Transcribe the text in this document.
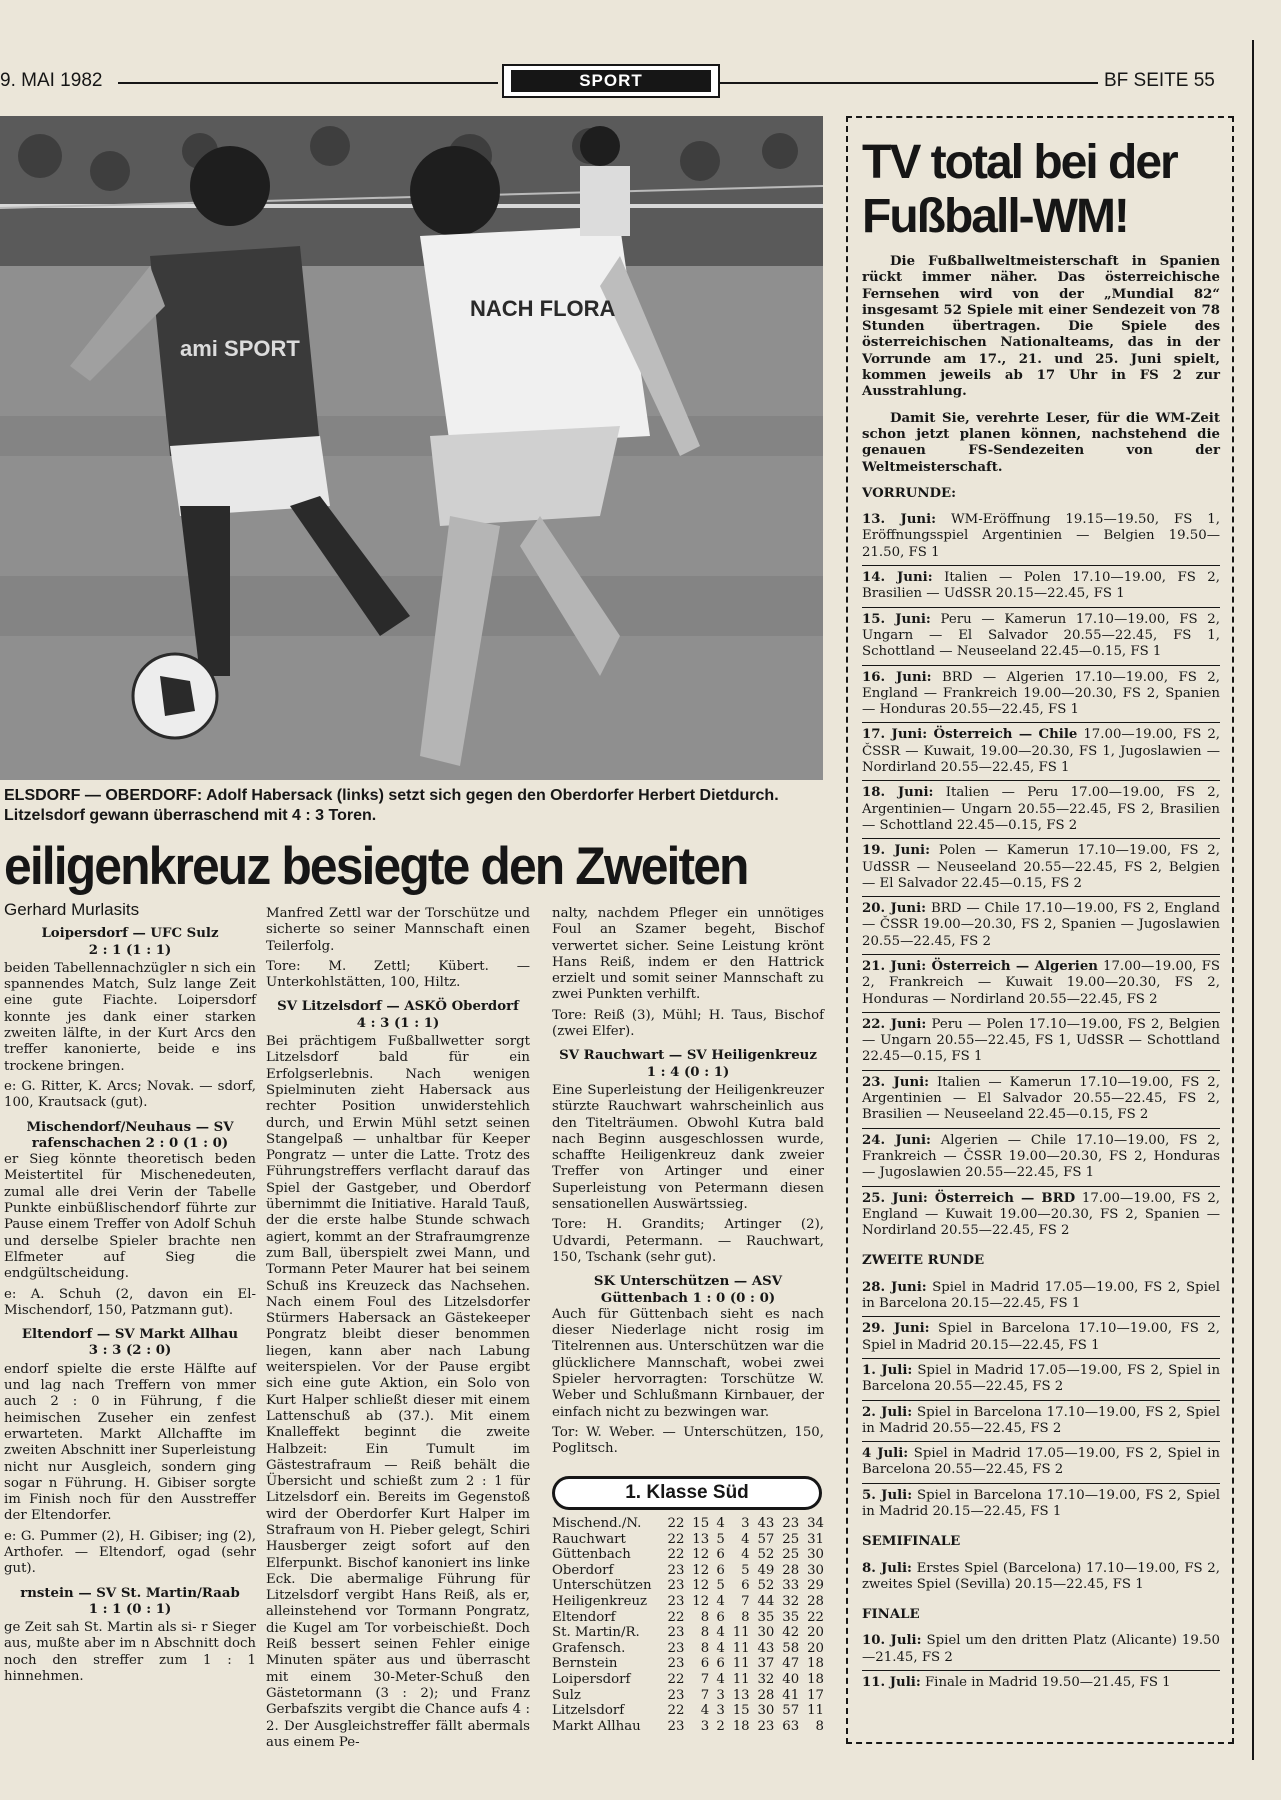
9. MAI 1982	SPORT	BF SEITE 55
ami SPORT
NACH FLORA
ELSDORF — OBERDORF: Adolf Habersack (links) setzt sich gegen den Oberdorfer Herbert Dietdurch. Litzelsdorf gewann überraschend mit 4 : 3 Toren.
eiligenkreuz besiegte den Zweiten
Gerhard Murlasits

Loipersdorf — UFC Sulz

2 : 1 (1 : 1)

beiden Tabellennachzügler n sich ein spannendes Match, Sulz lange Zeit eine gute Fiachte. Loipersdorf konnte jes dank einer starken zweiten lälfte, in der Kurt Arcs den treffer kanonierte, beide e ins trockene bringen.

e: G. Ritter, K. Arcs; Novak. — sdorf, 100, Krautsack (gut).

Mischendorf/Neuhaus — SV rafenschachen 2 : 0 (1 : 0)

er Sieg könnte theoretisch beden Meistertitel für Mischenedeuten, zumal alle drei Verin der Tabelle Punkte einbüßlischendorf führte zur Pause einem Treffer von Adolf Schuh und derselbe Spieler brachte nen Elfmeter auf Sieg die endgültscheidung.

e: A. Schuh (2, davon ein El- Mischendorf, 150, Patzmann gut).

Eltendorf — SV Markt Allhau

3 : 3 (2 : 0)

endorf spielte die erste Hälfte auf und lag nach Treffern von mmer auch 2 : 0 in Führung, f die heimischen Zuseher ein zenfest erwarteten. Markt Allchaffte im zweiten Abschnitt iner Superleistung nicht nur Ausgleich, sondern ging sogar n Führung. H. Gibiser sorgte im Finish noch für den Ausstreffer der Eltendorfer.

e: G. Pummer (2), H. Gibiser; ing (2), Arthofer. — Eltendorf, ogad (sehr gut).

rnstein — SV St. Martin/Raab

1 : 1 (0 : 1)

ge Zeit sah St. Martin als si- r Sieger aus, mußte aber im n Abschnitt doch noch den streffer zum 1 : 1 hinnehmen.

Manfred Zettl war der Torschütze und sicherte so seiner Mannschaft einen Teilerfolg.

Tore: M. Zettl; Kübert. — Unterkohlstätten, 100, Hiltz.

SV Litzelsdorf — ASKÖ Oberdorf

4 : 3 (1 : 1)

Bei prächtigem Fußballwetter sorgt Litzelsdorf bald für ein Erfolgserlebnis. Nach wenigen Spielminuten zieht Habersack aus rechter Position unwiderstehlich durch, und Erwin Mühl setzt seinen Stangelpaß — unhaltbar für Keeper Pongratz — unter die Latte. Trotz des Führungstreffers verflacht darauf das Spiel der Gastgeber, und Oberdorf übernimmt die Initiative. Harald Tauß, der die erste halbe Stunde schwach agiert, kommt an der Strafraumgrenze zum Ball, überspielt zwei Mann, und Tormann Peter Maurer hat bei seinem Schuß ins Kreuzeck das Nachsehen. Nach einem Foul des Litzelsdorfer Stürmers Habersack an Gästekeeper Pongratz bleibt dieser benommen liegen, kann aber nach Labung weiterspielen. Vor der Pause ergibt sich eine gute Aktion, ein Solo von Kurt Halper schließt dieser mit einem Lattenschuß ab (37.). Mit einem Knalleffekt beginnt die zweite Halbzeit: Ein Tumult im Gästestrafraum — Reiß behält die Übersicht und schießt zum 2 : 1 für Litzelsdorf ein. Bereits im Gegenstoß wird der Oberdorfer Kurt Halper im Strafraum von H. Pieber gelegt, Schiri Hausberger zeigt sofort auf den Elferpunkt. Bischof kanoniert ins linke Eck. Die abermalige Führung für Litzelsdorf vergibt Hans Reiß, als er, alleinstehend vor Tormann Pongratz, die Kugel am Tor vorbeischießt. Doch Reiß bessert seinen Fehler einige Minuten später aus und überrascht mit einem 30-Meter-Schuß den Gästetormann (3 : 2); und Franz Gerbafszits vergibt die Chance aufs 4 : 2. Der Ausgleichstreffer fällt abermals aus einem Pe-

nalty, nachdem Pfleger ein unnötiges Foul an Szamer begeht, Bischof verwertet sicher. Seine Leistung krönt Hans Reiß, indem er den Hattrick erzielt und somit seiner Mannschaft zu zwei Punkten verhilft.

Tore: Reiß (3), Mühl; H. Taus, Bischof (zwei Elfer).

SV Rauchwart — SV Heiligenkreuz

1 : 4 (0 : 1)

Eine Superleistung der Heiligenkreuzer stürzte Rauchwart wahrscheinlich aus den Titelträumen. Obwohl Kutra bald nach Beginn ausgeschlossen wurde, schaffte Heiligenkreuz dank zweier Treffer von Artinger und einer Superleistung von Petermann diesen sensationellen Auswärtssieg.

Tore: H. Grandits; Artinger (2), Udvardi, Petermann. — Rauchwart, 150, Tschank (sehr gut).

SK Unterschützen — ASV Güttenbach 1 : 0 (0 : 0)

Auch für Güttenbach sieht es nach dieser Niederlage nicht rosig im Titelrennen aus. Unterschützen war die glücklichere Mannschaft, wobei zwei Spieler hervorragten: Torschütze W. Weber und Schlußmann Kirnbauer, der einfach nicht zu bezwingen war.

Tor: W. Weber. — Unterschützen, 150, Poglitsch.

1. Klasse Süd
Mischend./N.	22	15	4	3	43	23	34
Rauchwart	22	13	5	4	57	25	31
Güttenbach	22	12	6	4	52	25	30
Oberdorf	23	12	6	5	49	28	30
Unterschützen	23	12	5	6	52	33	29
Heiligenkreuz	23	12	4	7	44	32	28
Eltendorf	22	8	6	8	35	35	22
St. Martin/R.	23	8	4	11	30	42	20
Grafensch.	23	8	4	11	43	58	20
Bernstein	23	6	6	11	37	47	18
Loipersdorf	22	7	4	11	32	40	18
Sulz	23	7	3	13	28	41	17
Litzelsdorf	22	4	3	15	30	57	11
Markt Allhau	23	3	2	18	23	63	8
TV total bei der Fußball-WM!

Die Fußballweltmeisterschaft in Spanien rückt immer näher. Das österreichische Fernsehen wird von der „Mundial 82“ insgesamt 52 Spiele mit einer Sendezeit von 78 Stunden übertragen. Die Spiele des österreichischen Nationalteams, das in der Vorrunde am 17., 21. und 25. Juni spielt, kommen jeweils ab 17 Uhr in FS 2 zur Ausstrahlung.

Damit Sie, verehrte Leser, für die WM-Zeit schon jetzt planen können, nachstehend die genauen FS-Sendezeiten von der Weltmeisterschaft.

VORRUNDE:

13. Juni: WM-Eröffnung 19.15—19.50, FS 1, Eröffnungsspiel Argentinien — Belgien 19.50—21.50, FS 1

14. Juni: Italien — Polen 17.10—19.00, FS 2, Brasilien — UdSSR 20.15—22.45, FS 1

15. Juni: Peru — Kamerun 17.10—19.00, FS 2, Ungarn — El Salvador 20.55—22.45, FS 1, Schottland — Neuseeland 22.45—0.15, FS 1

16. Juni: BRD — Algerien 17.10—19.00, FS 2, England — Frankreich 19.00—20.30, FS 2, Spanien — Honduras 20.55—22.45, FS 1

17. Juni: Österreich — Chile 17.00—19.00, FS 2, ČSSR — Kuwait, 19.00—20.30, FS 1, Jugoslawien — Nordirland 20.55—22.45, FS 1

18. Juni: Italien — Peru 17.00—19.00, FS 2, Argentinien— Ungarn 20.55—22.45, FS 2, Brasilien — Schottland 22.45—0.15, FS 2

19. Juni: Polen — Kamerun 17.10—19.00, FS 2, UdSSR — Neuseeland 20.55—22.45, FS 2, Belgien — El Salvador 22.45—0.15, FS 2

20. Juni: BRD — Chile 17.10—19.00, FS 2, England — ČSSR 19.00—20.30, FS 2, Spanien — Jugoslawien 20.55—22.45, FS 2

21. Juni: Österreich — Algerien 17.00—19.00, FS 2, Frankreich — Kuwait 19.00—20.30, FS 2, Honduras — Nordirland 20.55—22.45, FS 2

22. Juni: Peru — Polen 17.10—19.00, FS 2, Belgien — Ungarn 20.55—22.45, FS 1, UdSSR — Schottland 22.45—0.15, FS 1

23. Juni: Italien — Kamerun 17.10—19.00, FS 2, Argentinien — El Salvador 20.55—22.45, FS 2, Brasilien — Neuseeland 22.45—0.15, FS 2

24. Juni: Algerien — Chile 17.10—19.00, FS 2, Frankreich — ČSSR 19.00—20.30, FS 2, Honduras — Jugoslawien 20.55—22.45, FS 1

25. Juni: Österreich — BRD 17.00—19.00, FS 2, England — Kuwait 19.00—20.30, FS 2, Spanien — Nordirland 20.55—22.45, FS 2

ZWEITE RUNDE

28. Juni: Spiel in Madrid 17.05—19.00, FS 2, Spiel in Barcelona 20.15—22.45, FS 1

29. Juni: Spiel in Barcelona 17.10—19.00, FS 2, Spiel in Madrid 20.15—22.45, FS 1

1. Juli: Spiel in Madrid 17.05—19.00, FS 2, Spiel in Barcelona 20.55—22.45, FS 2

2. Juli: Spiel in Barcelona 17.10—19.00, FS 2, Spiel in Madrid 20.55—22.45, FS 2

4 Juli: Spiel in Madrid 17.05—19.00, FS 2, Spiel in Barcelona 20.55—22.45, FS 2

5. Juli: Spiel in Barcelona 17.10—19.00, FS 2, Spiel in Madrid 20.15—22.45, FS 1

SEMIFINALE

8. Juli: Erstes Spiel (Barcelona) 17.10—19.00, FS 2, zweites Spiel (Sevilla) 20.15—22.45, FS 1

FINALE

10. Juli: Spiel um den dritten Platz (Alicante) 19.50—21.45, FS 2

11. Juli: Finale in Madrid 19.50—21.45, FS 1
